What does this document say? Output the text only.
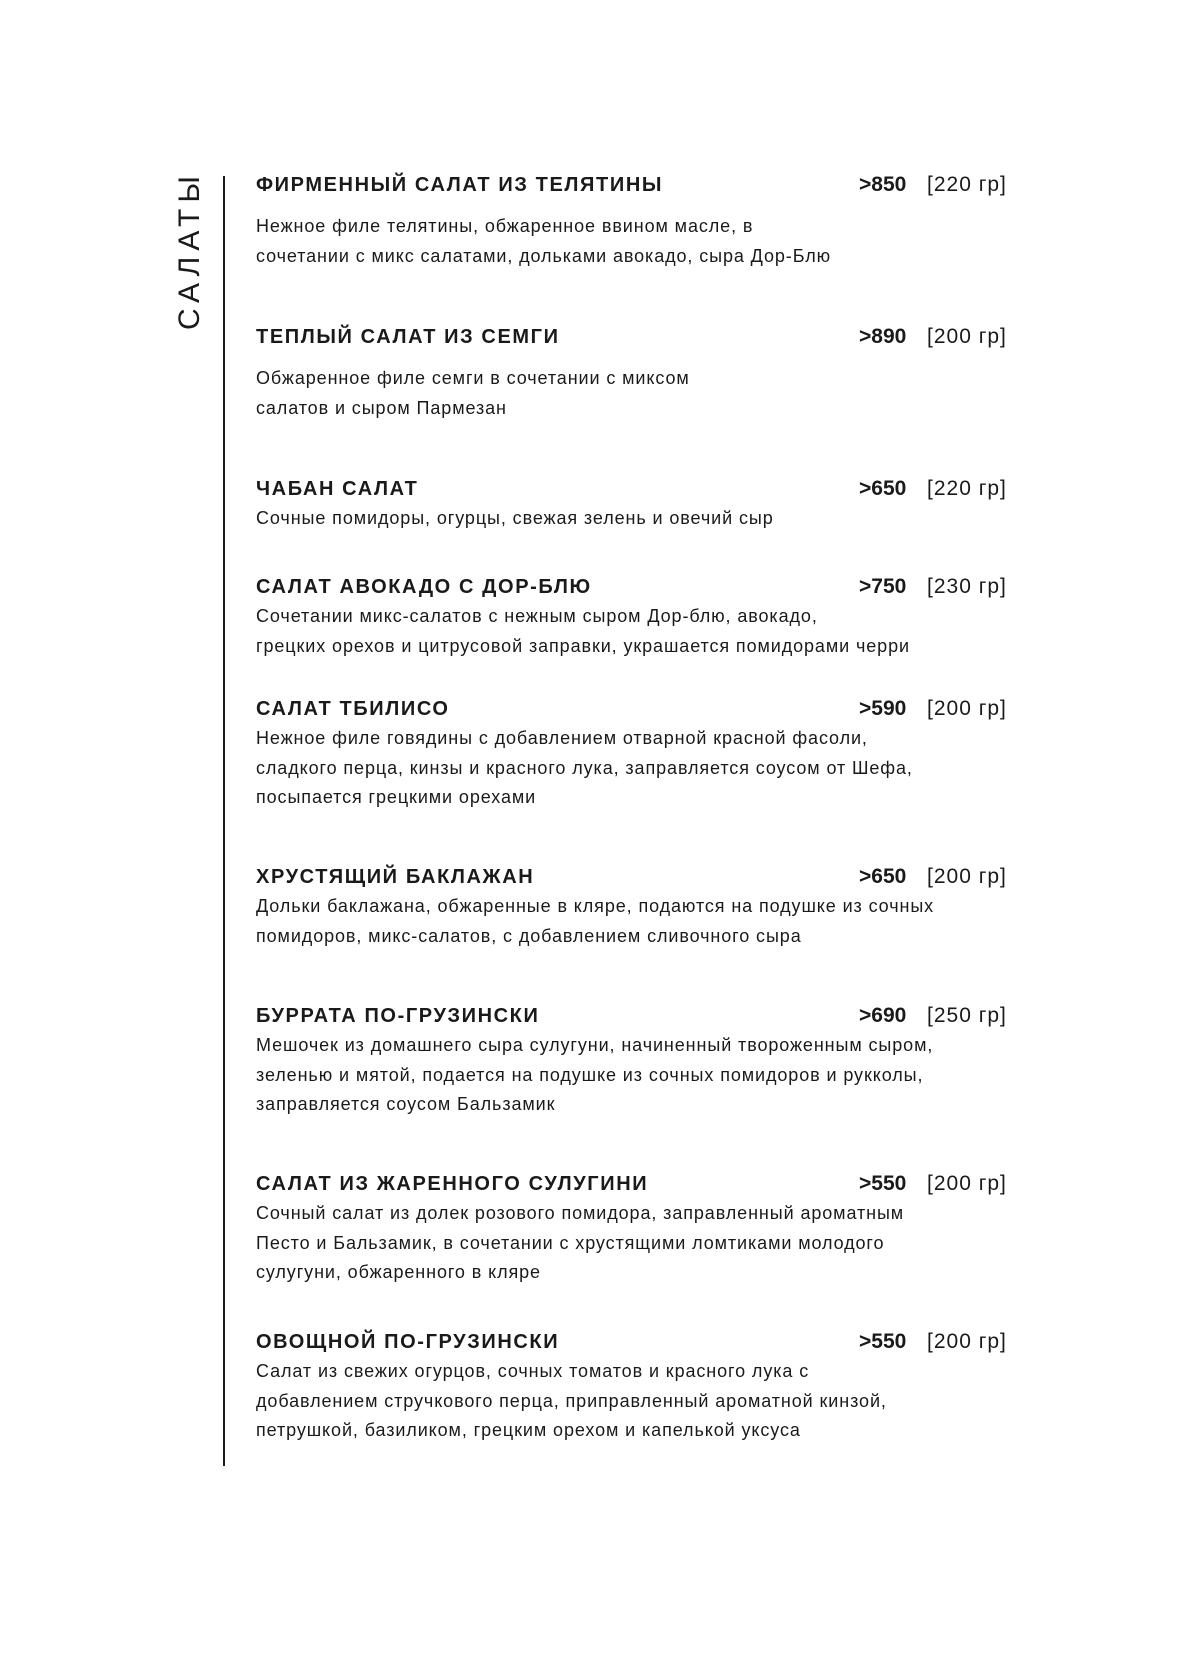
САЛАТЫ	ФИРМЕННЫЙ САЛАТ ИЗ ТЕЛЯТИНЫ	>850 [220 гр]
Нежное филе телятины, обжаренное ввином масле, в
сочетании с микс салатами, дольками авокадо, сыра Дор-Блю
ТЕПЛЫЙ САЛАТ ИЗ СЕМГИ	>890 [200 гр]
Обжаренное филе семги в сочетании с миксом
салатов и сыром Пармезан
ЧАБАН САЛАТ	>650 [220 гр]
Сочные помидоры, огурцы, свежая зелень и овечий сыр
САЛАТ АВОКАДО С ДОР-БЛЮ	>750 [230 гр]
Сочетании микс-салатов с нежным сыром Дор-блю, авокадо,
грецких орехов и цитрусовой заправки, украшается помидорами черри
САЛАТ ТБИЛИСО	>590 [200 гр]
Нежное филе говядины с добавлением отварной красной фасоли,
сладкого перца, кинзы и красного лука, заправляется соусом от Шефа,
посыпается грецкими орехами
ХРУСТЯЩИЙ БАКЛАЖАН	>650 [200 гр]
Дольки баклажана, обжаренные в кляре, подаются на подушке из сочных
помидоров, микс-салатов, с добавлением сливочного сыра
БУРРАТА ПО-ГРУЗИНСКИ	>690 [250 гр]
Мешочек из домашнего сыра сулугуни, начиненный твороженным сыром,
зеленью и мятой, подается на подушке из сочных помидоров и рукколы,
заправляется соусом Бальзамик
САЛАТ ИЗ ЖАРЕННОГО СУЛУГИНИ	>550 [200 гр]
Сочный салат из долек розового помидора, заправленный ароматным
Песто и Бальзамик, в сочетании с хрустящими ломтиками молодого
сулугуни, обжаренного в кляре
ОВОЩНОЙ ПО-ГРУЗИНСКИ	>550 [200 гр]
Салат из свежих огурцов, сочных томатов и красного лука с
добавлением стручкового перца, приправленный ароматной кинзой,
петрушкой, базиликом, грецким орехом и капелькой уксуса
